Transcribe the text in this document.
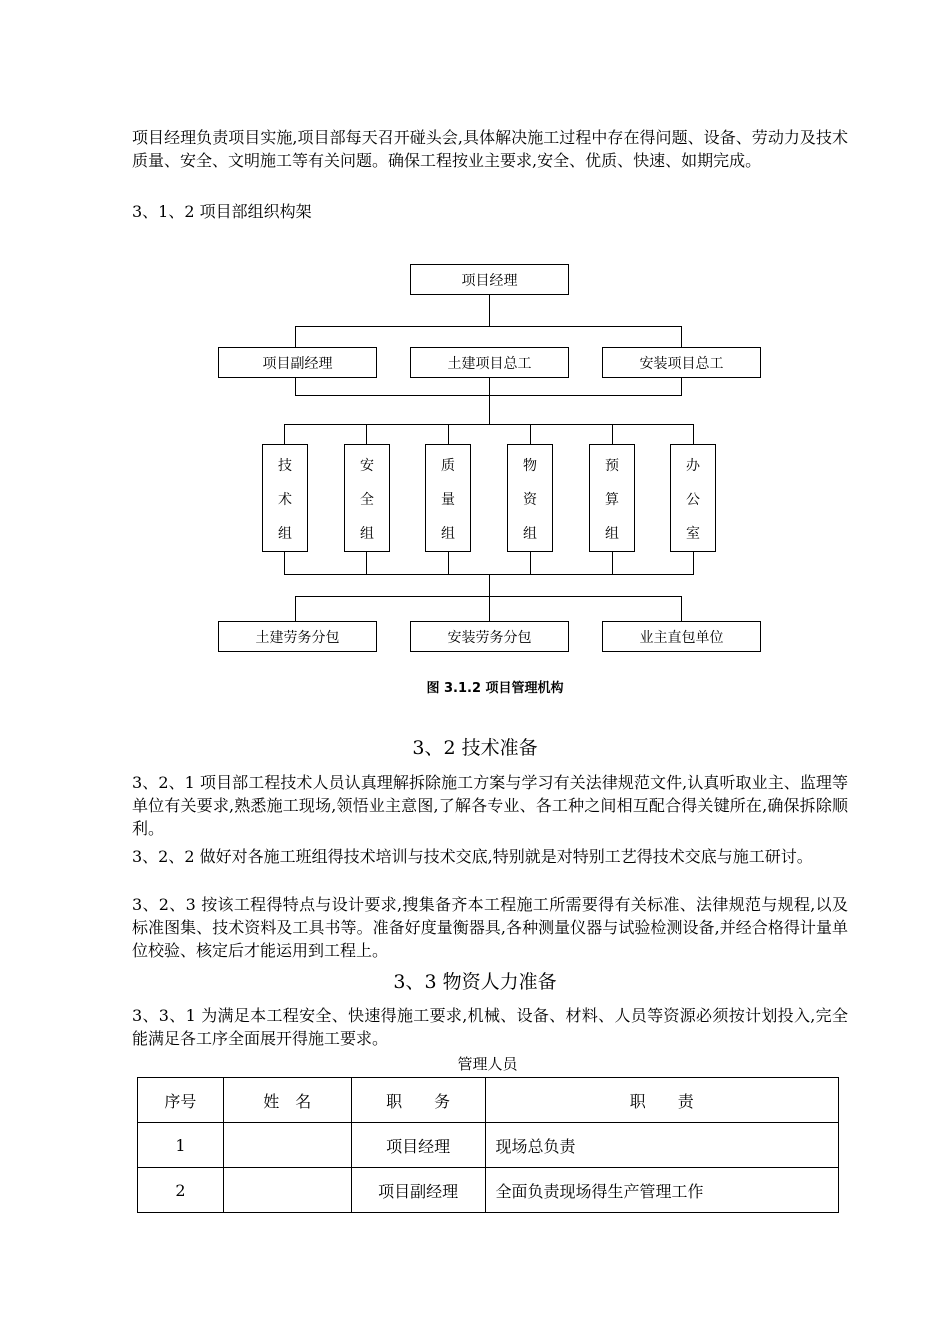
项目经理负责项目实施,项目部每天召开碰头会,具体解决施工过程中存在得问题、设备、劳动力及技术质量、安全、文明施工等有关问题。确保工程按业主要求,安全、优质、快速、如期完成。

3、1、2 项目部组织构架

项目经理
项目副经理	土建项目总工	安装项目总工
技
术
组
安
全
组
质
量
组
物
资
组
预
算
组
办
公
室
土建劳务分包	安装劳务分包	业主直包单位
图 3.1.2 项目管理机构
3、2 技术准备

3、2、1 项目部工程技术人员认真理解拆除施工方案与学习有关法律规范文件,认真听取业主、监理等单位有关要求,熟悉施工现场,领悟业主意图,了解各专业、各工种之间相互配合得关键所在,确保拆除顺利。

3、2、2 做好对各施工班组得技术培训与技术交底,特别就是对特别工艺得技术交底与施工研讨。

3、2、3 按该工程得特点与设计要求,搜集备齐本工程施工所需要得有关标准、法律规范与规程,以及标准图集、技术资料及工具书等。准备好度量衡器具,各种测量仪器与试验检测设备,并经合格得计量单位校验、核定后才能运用到工程上。

3、3 物资人力准备

3、3、1 为满足本工程安全、快速得施工要求,机械、设备、材料、人员等资源必须按计划投入,完全能满足各工序全面展开得施工要求。

管理人员
序号	姓　名	职　　务	职　　责
1		项目经理	现场总负责
2		项目副经理	全面负责现场得生产管理工作
